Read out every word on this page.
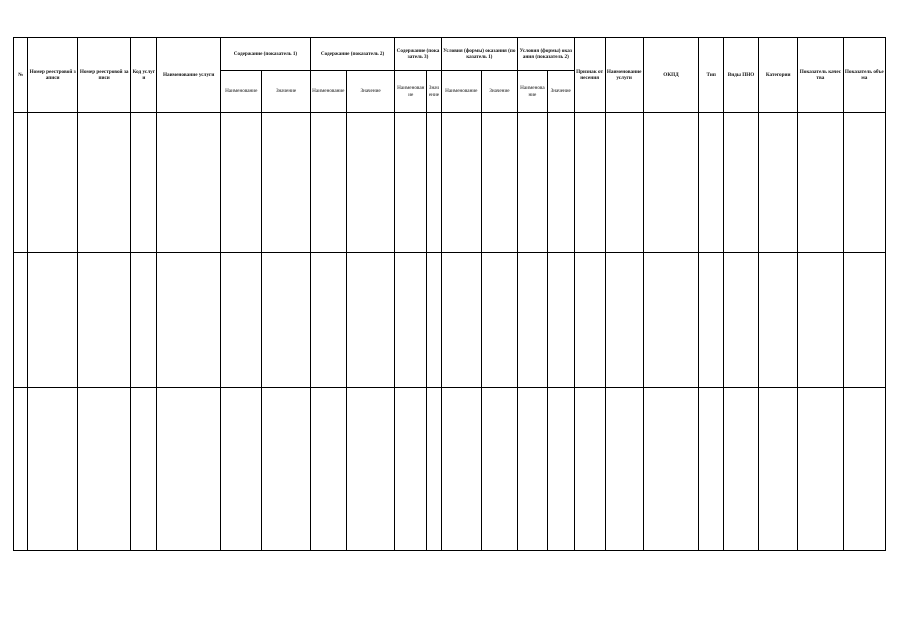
№	Номер реестровой записи	Номер реестровой записи	Код услуги	Наименование услуги	Содержание (показатель 1)		Содержание (показатель 2)		Содержание (показатель 3)		Условия (формы) оказания (показатель 1)		Условия (формы) оказания (показатель 2)		Признак отнесения	Наименование услуги	ОКПД	Тип	Виды ПНО	Категории	Показатель качества	Показатель объема
					Наименование	Значение	Наименование	Значение	Наименование	Значение	Наименование	Значение	Наименование	Значение								
